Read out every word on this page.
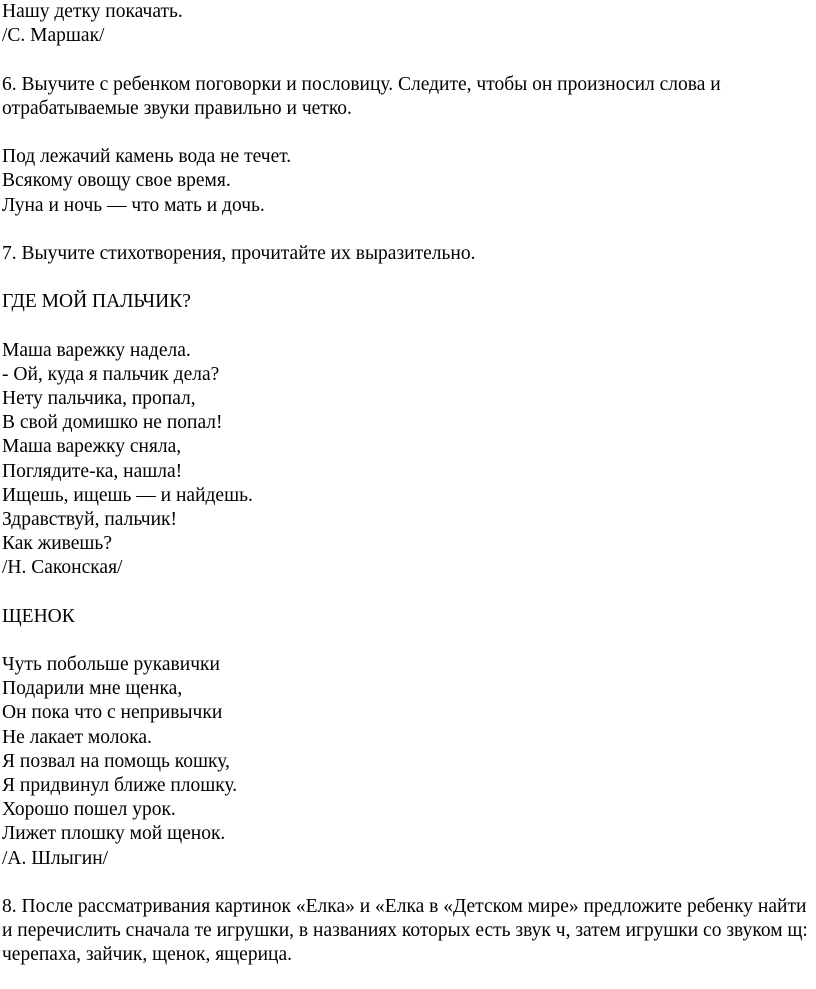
Нашу детку покачать.
/С. Маршак/
6. Выучите с ребенком поговорки и пословицу. Следите, чтобы он произносил слова и отрабатываемые звуки правильно и четко.
Под лежачий камень вода не течет.
Всякому овощу свое время.
Луна и ночь — что мать и дочь.
7. Выучите стихотворения, прочитайте их выразительно.
ГДЕ МОЙ ПАЛЬЧИК?
Маша варежку надела.
- Ой, куда я пальчик дела?
Нету пальчика, пропал,
В свой домишко не попал!
Маша варежку сняла,
Поглядите-ка, нашла!
Ищешь, ищешь — и найдешь.
Здравствуй, пальчик!
Как живешь?
/Н. Саконская/
ЩЕНОК
Чуть побольше рукавички
Подарили мне щенка,
Он пока что с непривычки
Не лакает молока.
Я позвал на помощь кошку,
Я придвинул ближе плошку.
Хорошо пошел урок.
Лижет плошку мой щенок.
/А. Шлыгин/
8. После рассматривания картинок «Елка» и «Елка в «Детском мире» предложите ребенку найти и перечислить сначала те игрушки, в названиях которых есть звук ч, затем игрушки со звуком щ: черепаха, зайчик, щенок, ящерица.
